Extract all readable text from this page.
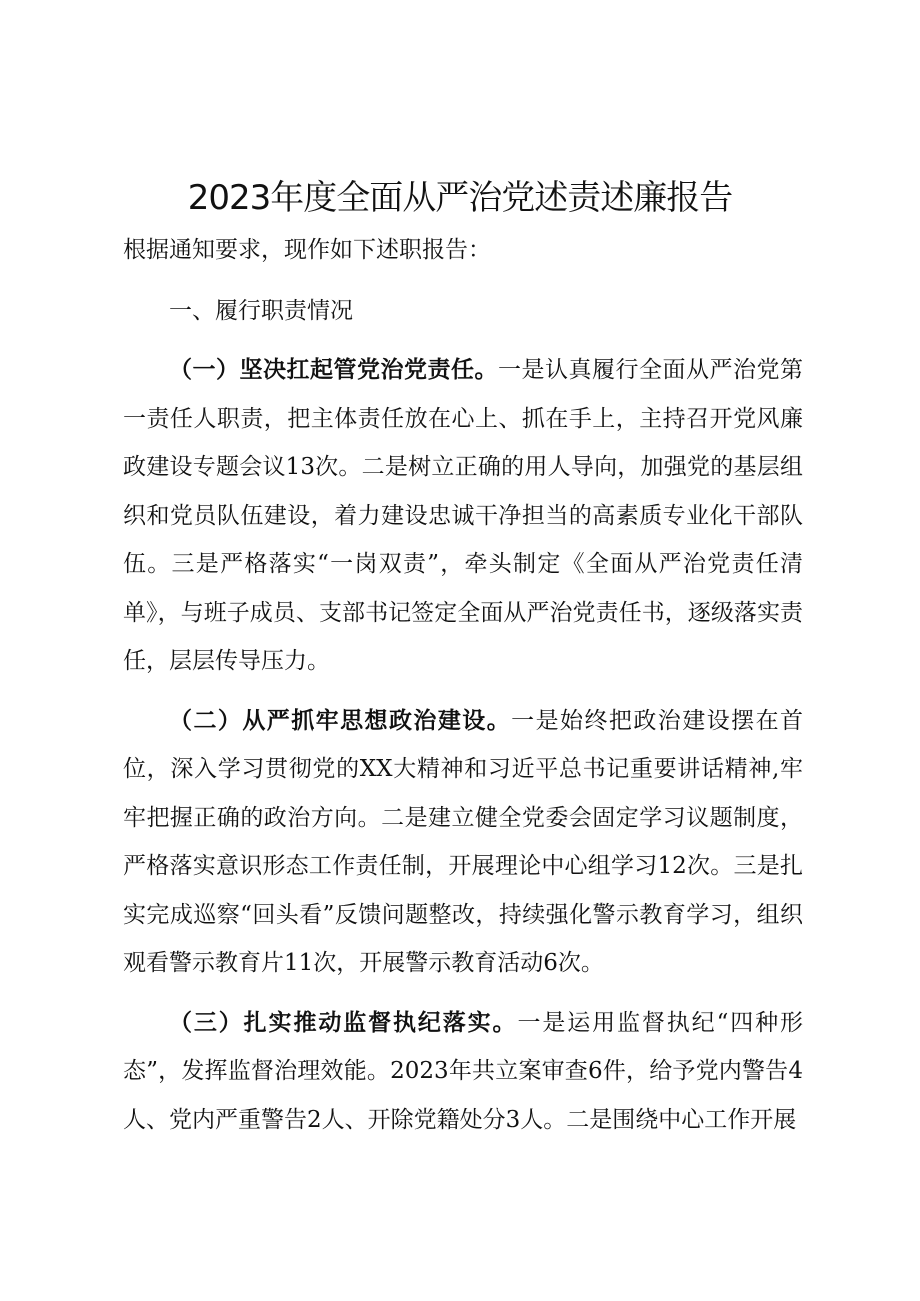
2023年度全面从严治党述责述廉报告

根据通知要求，现作如下述职报告：

一、履行职责情况

（一）坚决扛起管党治党责任。一是认真履行全面从严治党第一责任人职责，把主体责任放在心上、抓在手上，主持召开党风廉政建设专题会议13次。二是树立正确的用人导向，加强党的基层组织和党员队伍建设，着力建设忠诚干净担当的高素质专业化干部队伍。三是严格落实“一岗双责”，牵头制定《全面从严治党责任清单》，与班子成员、支部书记签定全面从严治党责任书，逐级落实责任，层层传导压力。

（二）从严抓牢思想政治建设。一是始终把政治建设摆在首位，深入学习贯彻党的XX大精神和习近平总书记重要讲话精神,牢牢把握正确的政治方向。二是建立健全党委会固定学习议题制度，严格落实意识形态工作责任制，开展理论中心组学习12次。三是扎实完成巡察“回头看”反馈问题整改，持续强化警示教育学习，组织观看警示教育片11次，开展警示教育活动6次。

（三）扎实推动监督执纪落实。一是运用监督执纪“四种形态”，发挥监督治理效能。2023年共立案审查6件，给予党内警告4人、党内严重警告2人、开除党籍处分3人。二是围绕中心工作开展
